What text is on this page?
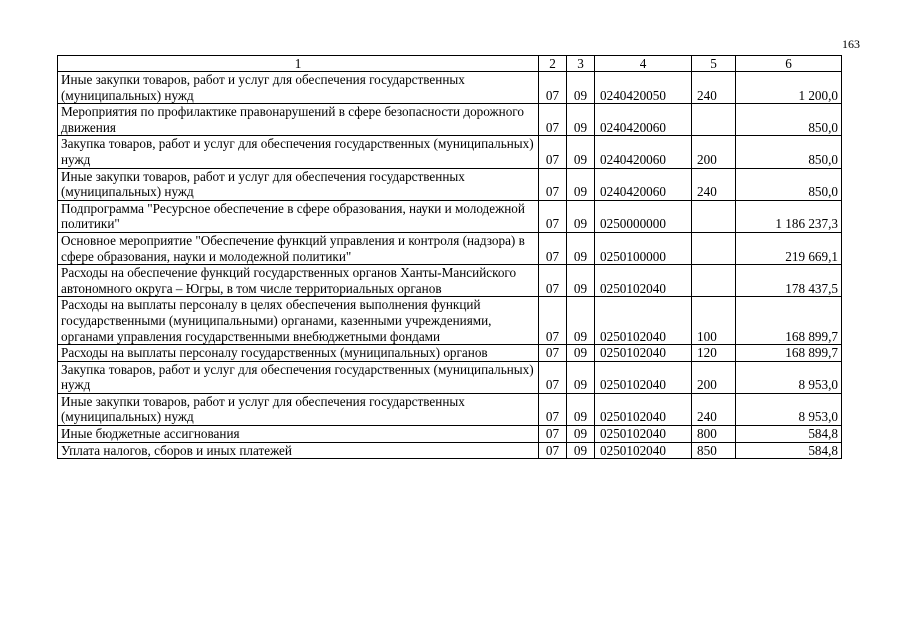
163
1	2	3	4	5	6
Иные закупки товаров, работ и услуг для обеспечения государственных (муниципальных) нужд	07	09	0240420050	240	1 200,0
Мероприятия по профилактике правонарушений в сфере безопасности дорожного движения	07	09	0240420060		850,0
Закупка товаров, работ и услуг для обеспечения государственных (муниципальных) нужд	07	09	0240420060	200	850,0
Иные закупки товаров, работ и услуг для обеспечения государственных (муниципальных) нужд	07	09	0240420060	240	850,0
Подпрограмма "Ресурсное обеспечение в сфере образования, науки и молодежной политики"	07	09	0250000000		1 186 237,3
Основное мероприятие "Обеспечение функций управления и контроля (надзора) в сфере образования, науки и молодежной политики"	07	09	0250100000		219 669,1
Расходы на обеспечение функций государственных органов Ханты-Мансийского автономного округа – Югры, в том числе территориальных органов	07	09	0250102040		178 437,5
Расходы на выплаты персоналу в целях обеспечения выполнения функций государственными (муниципальными) органами, казенными учреждениями, органами управления государственными внебюджетными фондами	07	09	0250102040	100	168 899,7
Расходы на выплаты персоналу государственных (муниципальных) органов	07	09	0250102040	120	168 899,7
Закупка товаров, работ и услуг для обеспечения государственных (муниципальных) нужд	07	09	0250102040	200	8 953,0
Иные закупки товаров, работ и услуг для обеспечения государственных (муниципальных) нужд	07	09	0250102040	240	8 953,0
Иные бюджетные ассигнования	07	09	0250102040	800	584,8
Уплата налогов, сборов и иных платежей	07	09	0250102040	850	584,8
